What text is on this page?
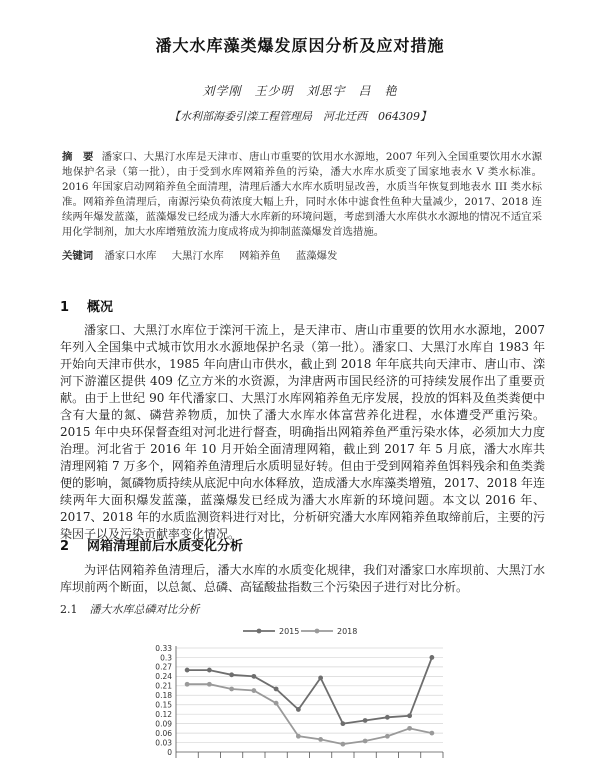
潘大水库藻类爆发原因分析及应对措施
刘学刚　王少明　刘思宇　吕　艳
【水利部海委引滦工程管理局　河北迁西　064309】
摘　要 潘家口、大黑汀水库是天津市、唐山市重要的饮用水水源地，2007 年列入全国重要饮用水水源地保护名录（第一批），由于受到水库网箱养鱼的污染，潘大水库水质变了国家地表水 V 类水标准。2016 年国家启动网箱养鱼全面清理，清理后潘大水库水质明显改善，水质当年恢复到地表水 III 类水标准。网箱养鱼清理后，南源污染负荷浓度大幅上升，同时水体中滤食性鱼种大量减少，2017、2018 连续两年爆发蓝藻，蓝藻爆发已经成为潘大水库新的环境问题，考虑到潘大水库供水水源地的情况不适宜采用化学制剂，加大水库增殖放流力度成将成为抑制蓝藻爆发首选措施。
关键词 潘家口水库 大黑汀水库 网箱养鱼 蓝藻爆发
1 概况
潘家口、大黑汀水库位于滦河干流上，是天津市、唐山市重要的饮用水水源地，2007 年列入全国集中式城市饮用水水源地保护名录（第一批）。潘家口、大黑汀水库自 1983 年开始向天津市供水，1985 年向唐山市供水，截止到 2018 年年底共向天津市、唐山市、滦河下游灌区提供 409 亿立方米的水资源，为津唐两市国民经济的可持续发展作出了重要贡献。由于上世纪 90 年代潘家口、大黑汀水库网箱养鱼无序发展，投放的饵料及鱼类粪便中含有大量的氮、磷营养物质，加快了潘大水库水体富营养化进程，水体遭受严重污染。2015 年中央环保督查组对河北进行督查，明确指出网箱养鱼严重污染水体，必须加大力度治理。河北省于 2016 年 10 月开始全面清理网箱，截止到 2017 年 5 月底，潘大水库共清理网箱 7 万多个，网箱养鱼清理后水质明显好转。但由于受到网箱养鱼饵料残余和鱼类粪便的影响，氮磷物质持续从底泥中向水体释放，造成潘大水库藻类增殖，2017、2018 年连续两年大面积爆发蓝藻，蓝藻爆发已经成为潘大水库新的环境问题。本文以 2016 年、2017、2018 年的水质监测资料进行对比，分析研究潘大水库网箱养鱼取缔前后，主要的污染因子以及污染贡献率变化情况。
2 网箱清理前后水质变化分析
为评估网箱养鱼清理后，潘大水库的水质变化规律，我们对潘家口水库坝前、大黑汀水库坝前两个断面，以总氮、总磷、高锰酸盐指数三个污染因子进行对比分析。
2.1 潘大水库总磷对比分析
0.33
0.3
0.27
0.24
0.21
0.18
0.15
0.12
0.09
0.06
0.03
0
2015	2018
